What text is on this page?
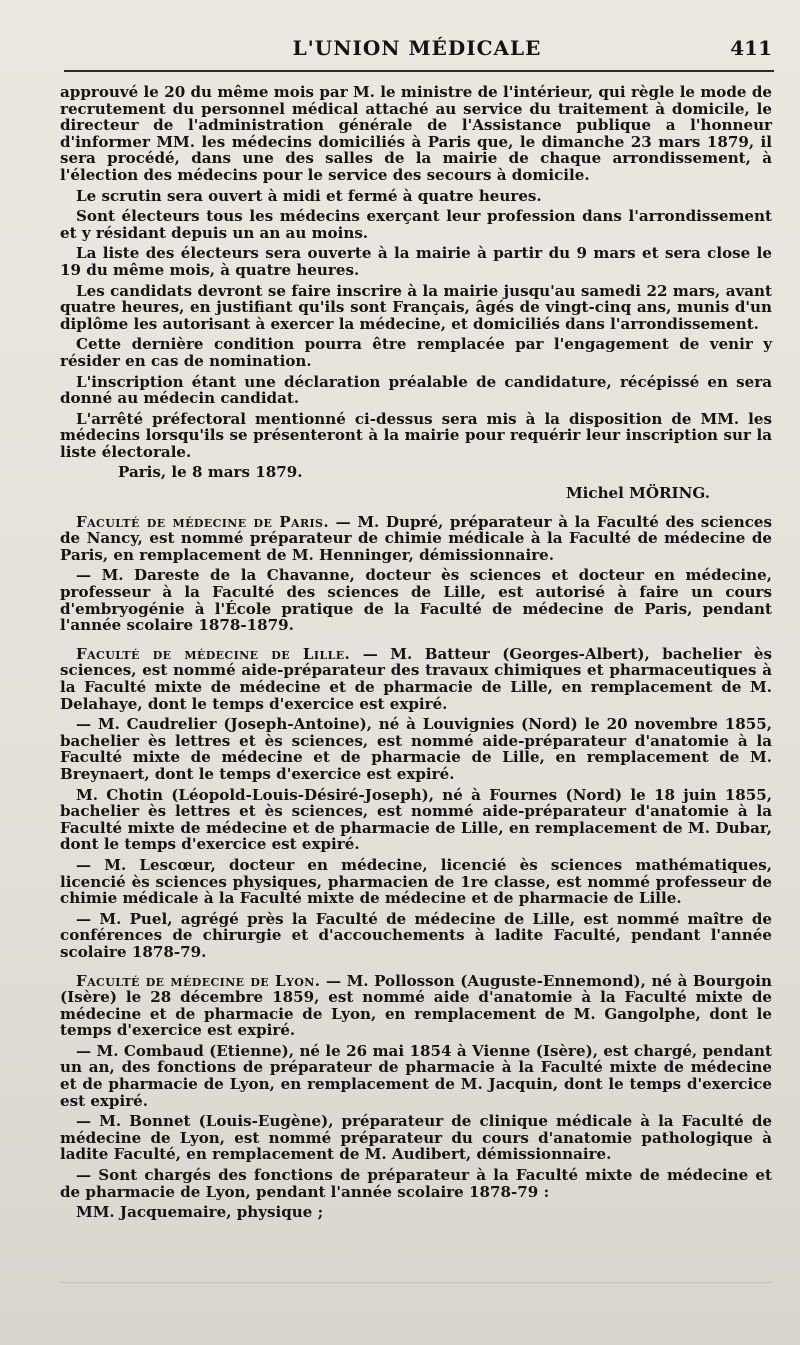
L'UNION MÉDICALE	411

approuvé le 20 du même mois par M. le ministre de l'intérieur, qui règle le mode de recrutement du personnel médical attaché au service du traitement à domicile, le directeur de l'administration générale de l'Assistance publique a l'honneur d'informer MM. les médecins domiciliés à Paris que, le dimanche 23 mars 1879, il sera procédé, dans une des salles de la mairie de chaque arrondissement, à l'élection des médecins pour le service des secours à domicile.

Le scrutin sera ouvert à midi et fermé à quatre heures.

Sont électeurs tous les médecins exerçant leur profession dans l'arrondissement et y résidant depuis un an au moins.

La liste des électeurs sera ouverte à la mairie à partir du 9 mars et sera close le 19 du même mois, à quatre heures.

Les candidats devront se faire inscrire à la mairie jusqu'au samedi 22 mars, avant quatre heures, en justifiant qu'ils sont Français, âgés de vingt-cinq ans, munis d'un diplôme les autorisant à exercer la médecine, et domiciliés dans l'arrondissement.

Cette dernière condition pourra être remplacée par l'engagement de venir y résider en cas de nomination.

L'inscription étant une déclaration préalable de candidature, récépissé en sera donné au médecin candidat.

L'arrêté préfectoral mentionné ci-dessus sera mis à la disposition de MM. les médecins lorsqu'ils se présenteront à la mairie pour requérir leur inscription sur la liste électorale.

Paris, le 8 mars 1879.

Michel MÖRING.

Faculté de médecine de Paris. — M. Dupré, préparateur à la Faculté des sciences de Nancy, est nommé préparateur de chimie médicale à la Faculté de médecine de Paris, en remplacement de M. Henninger, démissionnaire.

— M. Dareste de la Chavanne, docteur ès sciences et docteur en médecine, professeur à la Faculté des sciences de Lille, est autorisé à faire un cours d'embryogénie à l'École pratique de la Faculté de médecine de Paris, pendant l'année scolaire 1878-1879.

Faculté de médecine de Lille. — M. Batteur (Georges-Albert), bachelier ès sciences, est nommé aide-préparateur des travaux chimiques et pharmaceutiques à la Faculté mixte de médecine et de pharmacie de Lille, en remplacement de M. Delahaye, dont le temps d'exercice est expiré.

— M. Caudrelier (Joseph-Antoine), né à Louvignies (Nord) le 20 novembre 1855, bachelier ès lettres et ès sciences, est nommé aide-préparateur d'anatomie à la Faculté mixte de médecine et de pharmacie de Lille, en remplacement de M. Breynaert, dont le temps d'exercice est expiré.

M. Chotin (Léopold-Louis-Désiré-Joseph), né à Fournes (Nord) le 18 juin 1855, bachelier ès lettres et ès sciences, est nommé aide-préparateur d'anatomie à la Faculté mixte de médecine et de pharmacie de Lille, en remplacement de M. Dubar, dont le temps d'exercice est expiré.

— M. Lescœur, docteur en médecine, licencié ès sciences mathématiques, licencié ès sciences physiques, pharmacien de 1re classe, est nommé professeur de chimie médicale à la Faculté mixte de médecine et de pharmacie de Lille.

— M. Puel, agrégé près la Faculté de médecine de Lille, est nommé maître de conférences de chirurgie et d'accouchements à ladite Faculté, pendant l'année scolaire 1878-79.

Faculté de médecine de Lyon. — M. Pollosson (Auguste-Ennemond), né à Bourgoin (Isère) le 28 décembre 1859, est nommé aide d'anatomie à la Faculté mixte de médecine et de pharmacie de Lyon, en remplacement de M. Gangolphe, dont le temps d'exercice est expiré.

— M. Combaud (Etienne), né le 26 mai 1854 à Vienne (Isère), est chargé, pendant un an, des fonctions de préparateur de pharmacie à la Faculté mixte de médecine et de pharmacie de Lyon, en remplacement de M. Jacquin, dont le temps d'exercice est expiré.

— M. Bonnet (Louis-Eugène), préparateur de clinique médicale à la Faculté de médecine de Lyon, est nommé préparateur du cours d'anatomie pathologique à ladite Faculté, en remplacement de M. Audibert, démissionnaire.

— Sont chargés des fonctions de préparateur à la Faculté mixte de médecine et de pharmacie de Lyon, pendant l'année scolaire 1878-79 :

MM. Jacquemaire, physique ;
